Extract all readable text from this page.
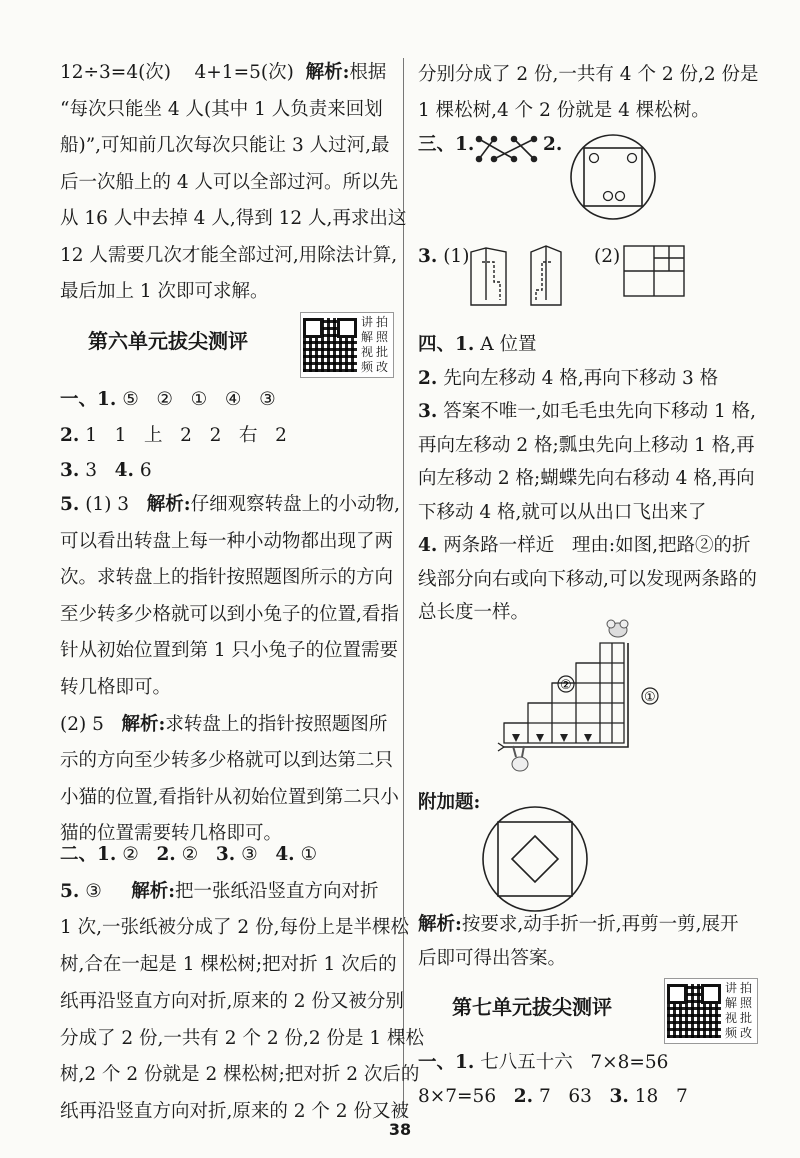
12÷3=4(次)    4+1=5(次)  解析:根据
“每次只能坐 4 人(其中 1 人负责来回划
船)”,可知前几次每次只能让 3 人过河,最
后一次船上的 4 人可以全部过河。所以先
从 16 人中去掉 4 人,得到 12 人,再求出这
12 人需要几次才能全部过河,用除法计算,
最后加上 1 次即可求解。
第六单元拔尖测评
讲 拍
解 照
视 批
频 改
一、1. ⑤   ②   ①   ④   ③
2. 1   1   上   2   2   右   2
3. 3   4. 6
5. (1) 3   解析:仔细观察转盘上的小动物,
可以看出转盘上每一种小动物都出现了两
次。求转盘上的指针按照题图所示的方向
至少转多少格就可以到小兔子的位置,看指
针从初始位置到第 1 只小兔子的位置需要
转几格即可。
(2) 5   解析:求转盘上的指针按照题图所
示的方向至少转多少格就可以到达第二只
小猫的位置,看指针从初始位置到第二只小
猫的位置需要转几格即可。
二、1. ②   2. ②   3. ③   4. ①
5. ③     解析:把一张纸沿竖直方向对折
1 次,一张纸被分成了 2 份,每份上是半棵松
树,合在一起是 1 棵松树;把对折 1 次后的
纸再沿竖直方向对折,原来的 2 份又被分别
分成了 2 份,一共有 2 个 2 份,2 份是 1 棵松
树,2 个 2 份就是 2 棵松树;把对折 2 次后的
纸再沿竖直方向对折,原来的 2 个 2 份又被
分别分成了 2 份,一共有 4 个 2 份,2 份是
1 棵松树,4 个 2 份就是 4 棵松树。
三、1.	2.
3. (1)	(2)
四、1. A 位置
2. 先向左移动 4 格,再向下移动 3 格
3. 答案不唯一,如毛毛虫先向下移动 1 格,
再向左移动 2 格;瓢虫先向上移动 1 格,再
向左移动 2 格;蝴蝶先向右移动 4 格,再向
下移动 4 格,就可以从出口飞出来了
4. 两条路一样近   理由:如图,把路②的折
线部分向右或向下移动,可以发现两条路的
总长度一样。
①
②
附加题:
解析:按要求,动手折一折,再剪一剪,展开
后即可得出答案。
第七单元拔尖测评
讲 拍
解 照
视 批
频 改
一、1. 七八五十六   7×8=56
8×7=56   2. 7   63   3. 18   7
38
